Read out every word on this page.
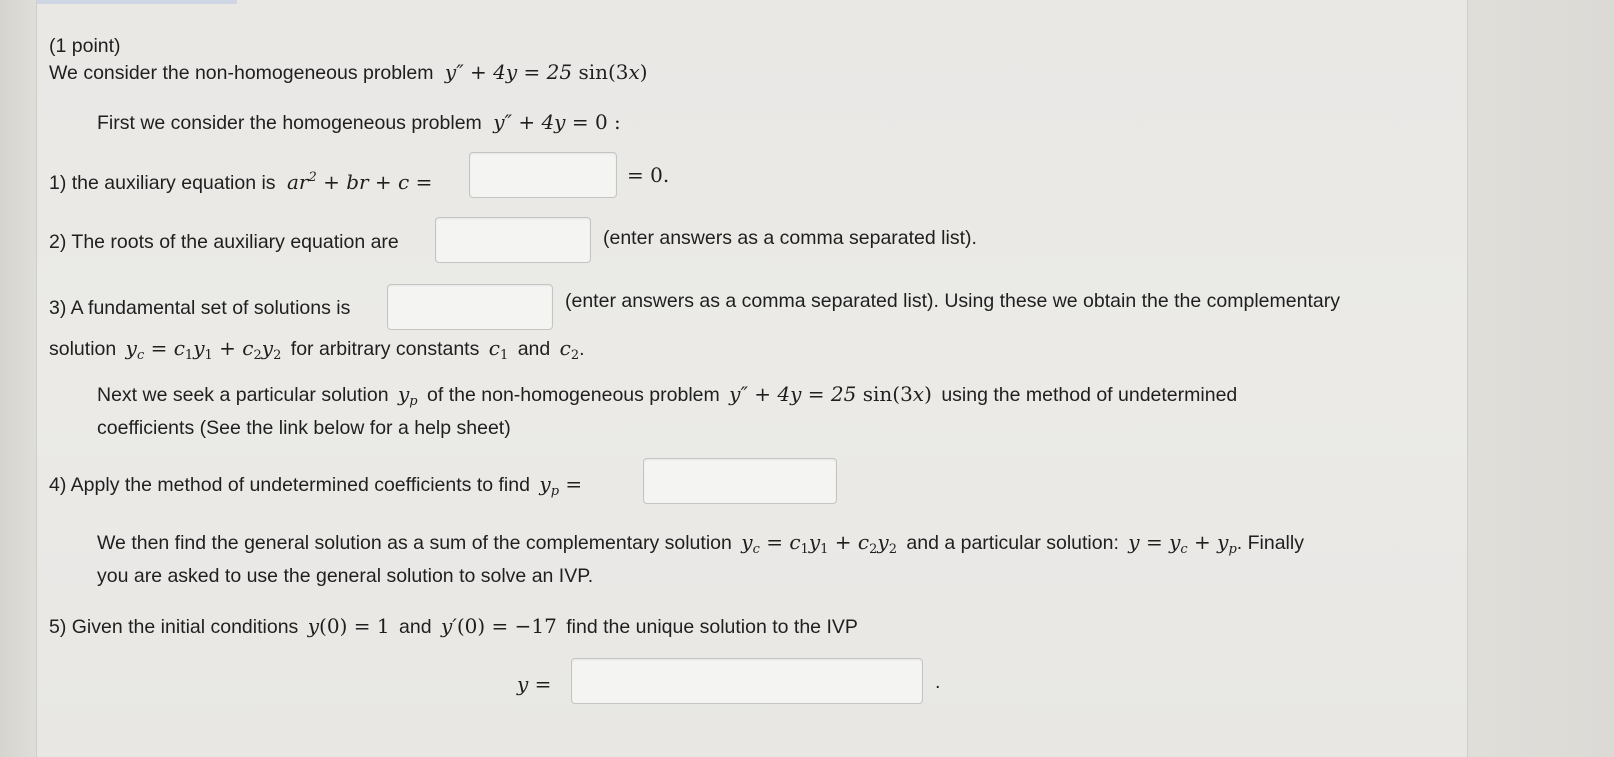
(1 point)
We consider the non-homogeneous problem y″ + 4y = 25 sin(3x)
First we consider the homogeneous problem y″ + 4y = 0 :
1) the auxiliary equation is $ar^2$ + br + c =	= 0.
2) The roots of the auxiliary equation are	(enter answers as a comma separated list).
3) A fundamental set of solutions is	(enter answers as a comma separated list). Using these we obtain the the complementary
solution $y_c = c_1y_1 + c_2y_2$ for arbitrary constants $c_1$ and $c_2$.
Next we seek a particular solution $y_p$ of the non-homogeneous problem y″ + 4y = 25 sin(3x) using the method of undetermined
coefficients (See the link below for a help sheet)
4) Apply the method of undetermined coefficients to find $y_p$ =
We then find the general solution as a sum of the complementary solution $y_c = c_1y_1 + c_2y_2$ and a particular solution: $y = y_c + y_p$. Finally
you are asked to use the general solution to solve an IVP.
5) Given the initial conditions y(0) = 1 and y′(0) = −17 find the unique solution to the IVP
y =	.
